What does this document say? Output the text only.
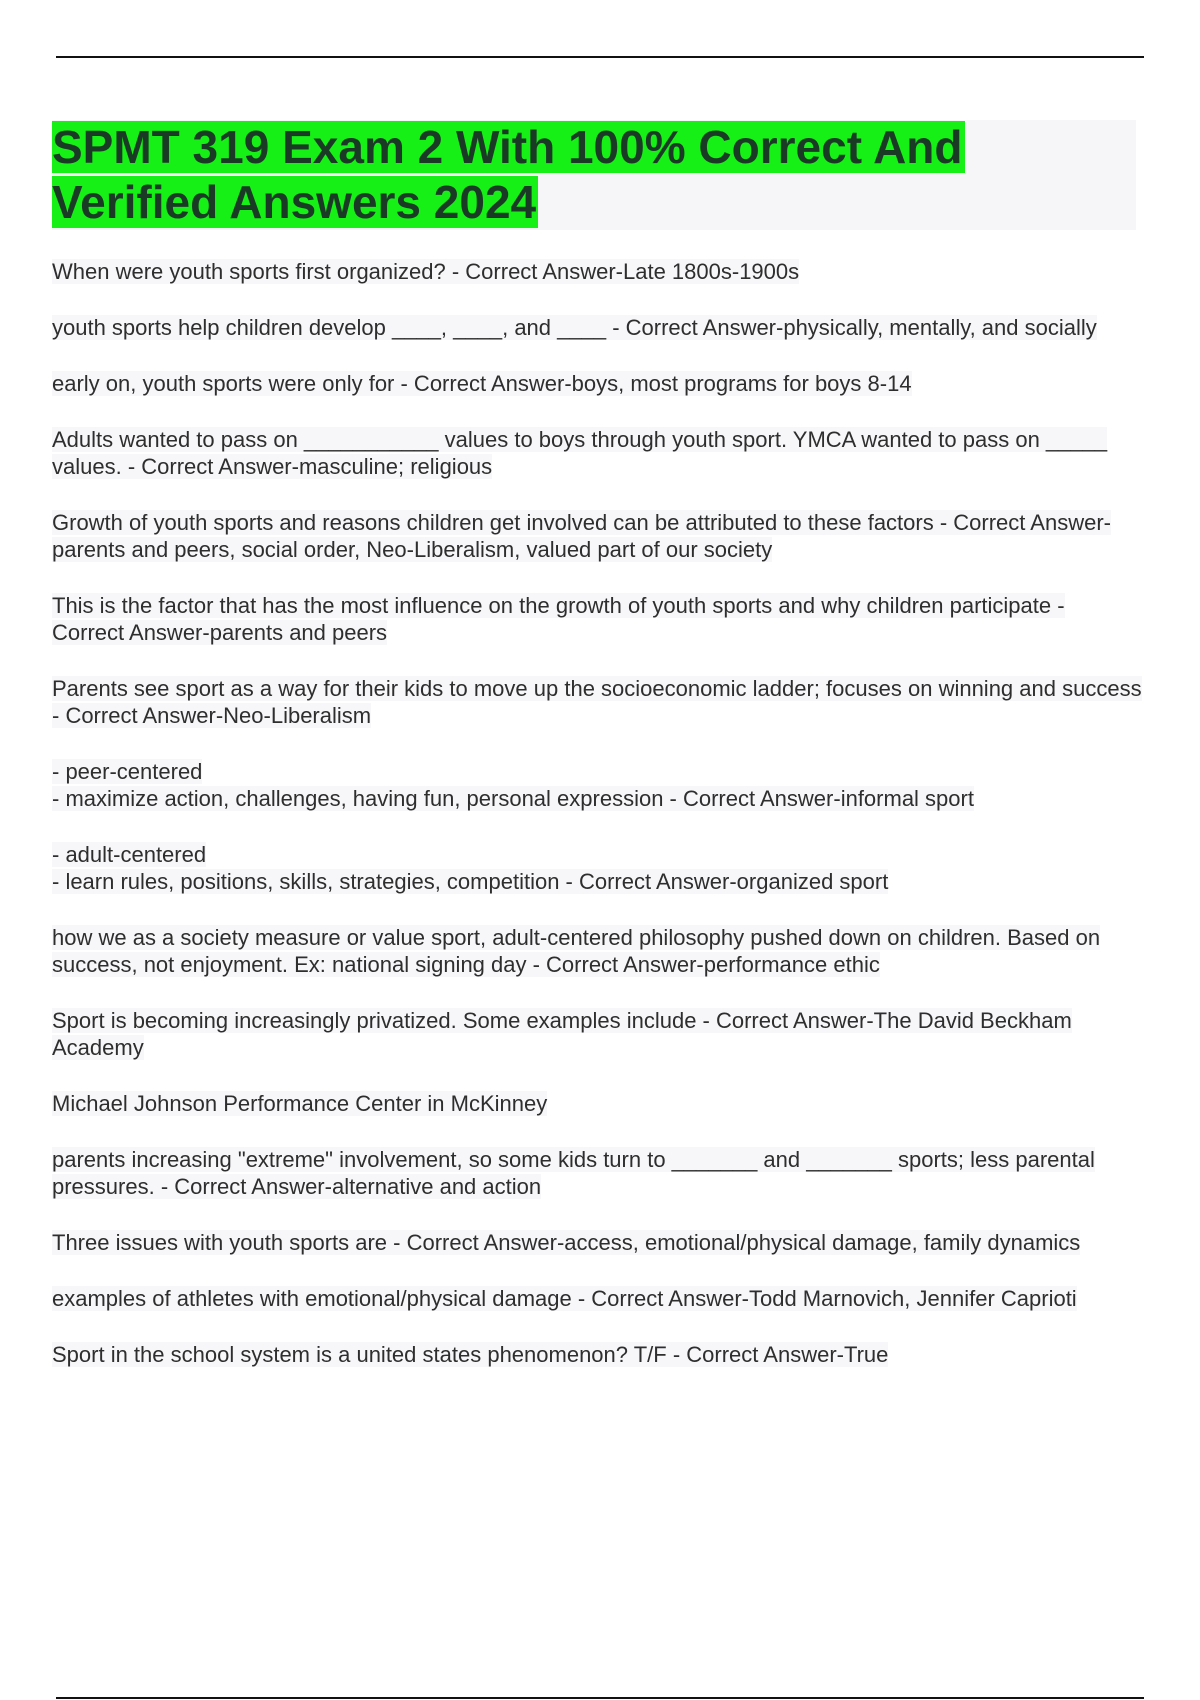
SPMT 319 Exam 2 With 100% Correct And Verified Answers 2024

When were youth sports first organized? - Correct Answer-Late 1800s-1900s

youth sports help children develop ____, ____, and ____ - Correct Answer-physically, mentally, and socially

early on, youth sports were only for - Correct Answer-boys, most programs for boys 8-14

Adults wanted to pass on ___________ values to boys through youth sport. YMCA wanted to pass on _____ values. - Correct Answer-masculine; religious

Growth of youth sports and reasons children get involved can be attributed to these factors - Correct Answer-parents and peers, social order, Neo-Liberalism, valued part of our society

This is the factor that has the most influence on the growth of youth sports and why children participate - Correct Answer-parents and peers

Parents see sport as a way for their kids to move up the socioeconomic ladder; focuses on winning and success - Correct Answer-Neo-Liberalism

- peer-centered
- maximize action, challenges, having fun, personal expression - Correct Answer-informal sport

- adult-centered
- learn rules, positions, skills, strategies, competition - Correct Answer-organized sport

how we as a society measure or value sport, adult-centered philosophy pushed down on children. Based on success, not enjoyment. Ex: national signing day - Correct Answer-performance ethic

Sport is becoming increasingly privatized. Some examples include - Correct Answer-The David Beckham Academy

Michael Johnson Performance Center in McKinney

parents increasing "extreme" involvement, so some kids turn to _______ and _______ sports; less parental pressures. - Correct Answer-alternative and action

Three issues with youth sports are - Correct Answer-access, emotional/physical damage, family dynamics

examples of athletes with emotional/physical damage - Correct Answer-Todd Marnovich, Jennifer Caprioti

Sport in the school system is a united states phenomenon? T/F - Correct Answer-True
